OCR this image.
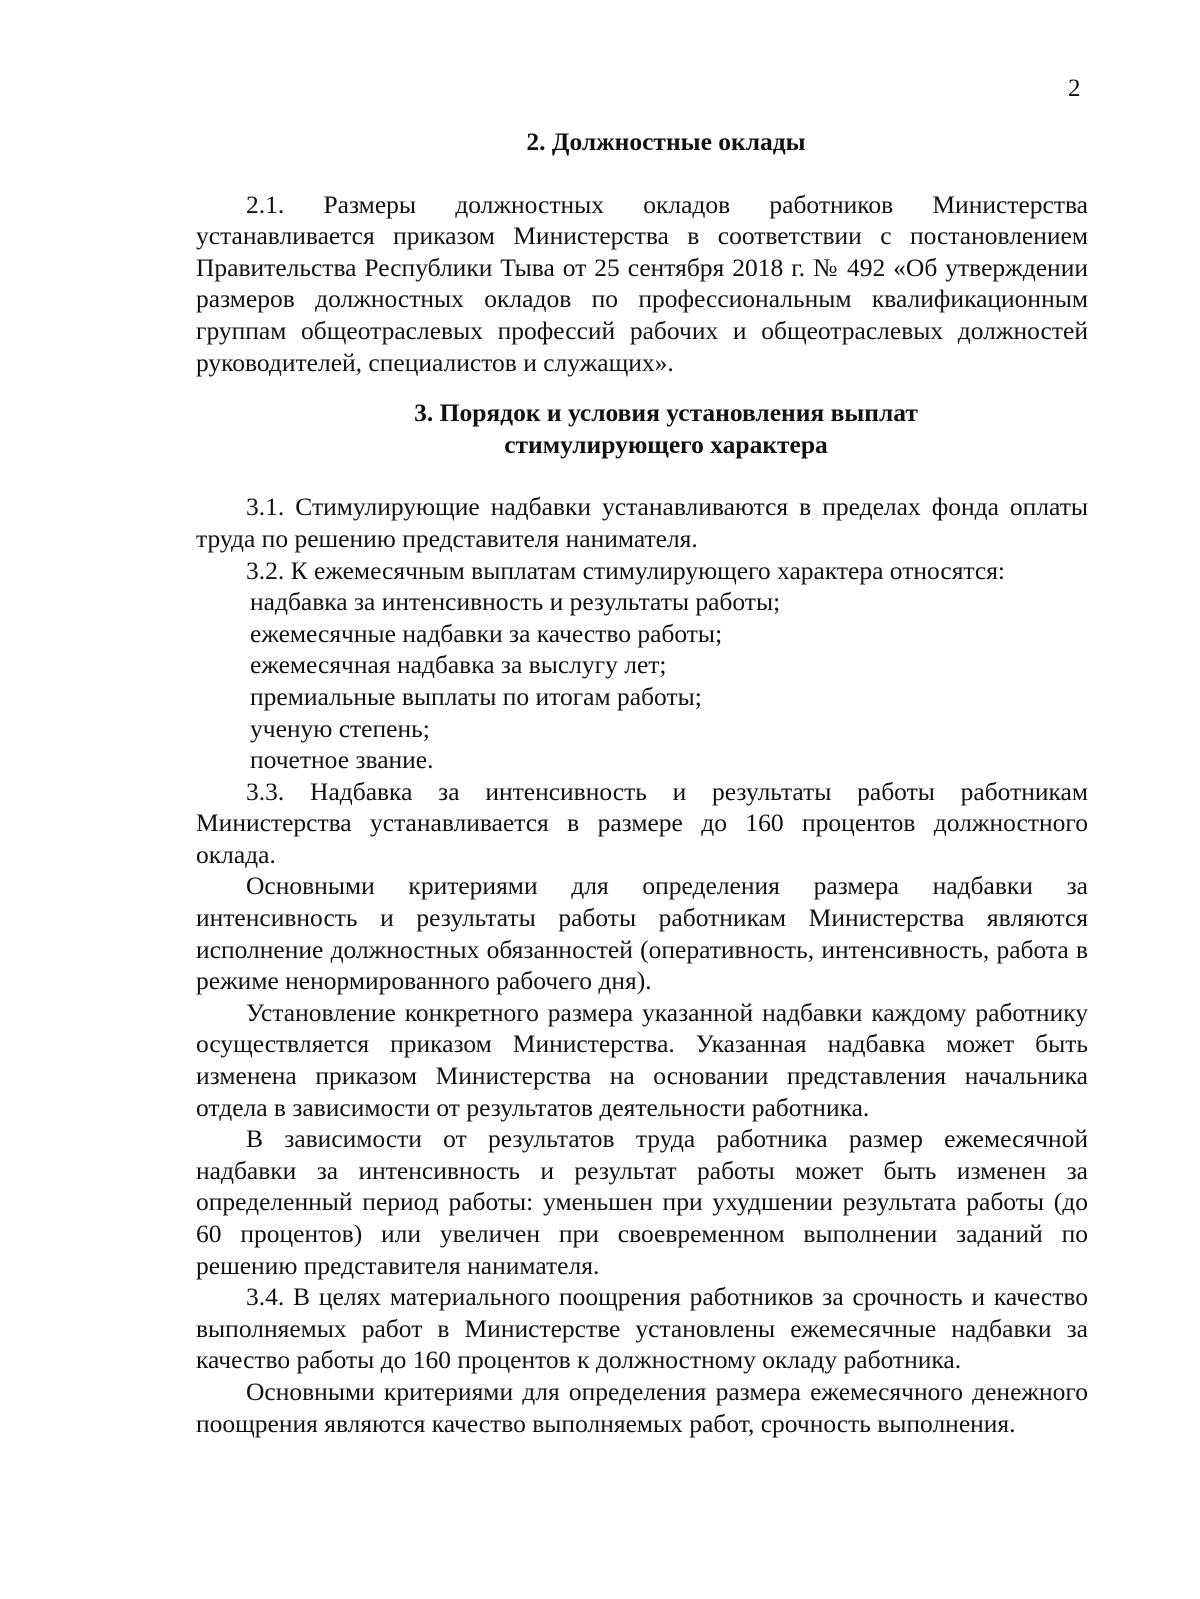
2
2. Должностные оклады

2.1. Размеры должностных окладов работников Министерства устанавливается приказом Министерства в соответствии с постановлением Правительства Республики Тыва от 25 сентября 2018 г. № 492 «Об утверждении размеров должностных окладов по профессиональным квалификационным группам общеотраслевых профессий рабочих и общеотраслевых должностей руководителей, специалистов и служащих».

3. Порядок и условия установления выплат
стимулирующего характера

3.1. Стимулирующие надбавки устанавливаются в пределах фонда оплаты труда по решению представителя нанимателя.

3.2. К ежемесячным выплатам стимулирующего характера относятся:

надбавка за интенсивность и результаты работы;

ежемесячные надбавки за качество работы;

ежемесячная надбавка за выслугу лет;

премиальные выплаты по итогам работы;

ученую степень;

почетное звание.

3.3. Надбавка за интенсивность и результаты работы работникам Министерства устанавливается в размере до 160 процентов должностного оклада.

Основными критериями для определения размера надбавки за интенсивность и результаты работы работникам Министерства являются исполнение должностных обязанностей (оперативность, интенсивность, работа в режиме ненормированного рабочего дня).

Установление конкретного размера указанной надбавки каждому работнику осуществляется приказом Министерства. Указанная надбавка может быть изменена приказом Министерства на основании представления начальника отдела в зависимости от результатов деятельности работника.

В зависимости от результатов труда работника размер ежемесячной надбавки за интенсивность и результат работы может быть изменен за определенный период работы: уменьшен при ухудшении результата работы (до 60 процентов) или увеличен при своевременном выполнении заданий по решению представителя нанимателя.

3.4. В целях материального поощрения работников за срочность и качество выполняемых работ в Министерстве установлены ежемесячные надбавки за качество работы до 160 процентов к должностному окладу работника.

Основными критериями для определения размера ежемесячного денежного поощрения являются качество выполняемых работ, срочность выполнения.
